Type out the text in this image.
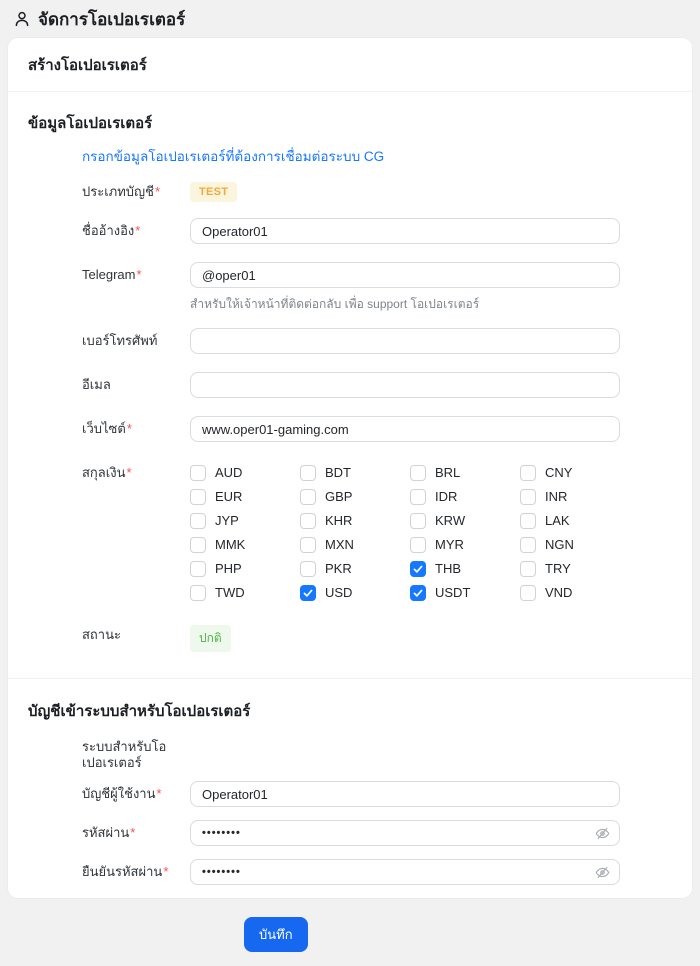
จัดการโอเปอเรเตอร์
สร้างโอเปอเรเตอร์
ข้อมูลโอเปอเรเตอร์
กรอกข้อมูลโอเปอเรเตอร์ที่ต้องการเชื่อมต่อระบบ CG
ประเภทบัญชี*	TEST
ชื่ออ้างอิง*
Operator01
Telegram*
@oper01
สำหรับให้เจ้าหน้าที่ติดต่อกลับ เพื่อ support โอเปอเรเตอร์
เบอร์โทรศัพท์
อีเมล
เว็บไซต์*
www.oper01-gaming.com
สกุลเงิน*	AUD	BDT	BRL	CNY
EUR	GBP	IDR	INR
JYP	KHR	KRW	LAK
MMK	MXN	MYR	NGN
PHP	PKR	THB	TRY
TWD	USD	USDT	VND
สถานะ	ปกติ
บัญชีเข้าระบบสำหรับโอเปอเรเตอร์
ระบบสำหรับโอเปอเรเตอร์
บัญชีผู้ใช้งาน*
Operator01
รหัสผ่าน*
••••••••
ยืนยันรหัสผ่าน*
••••••••
บันทึก
